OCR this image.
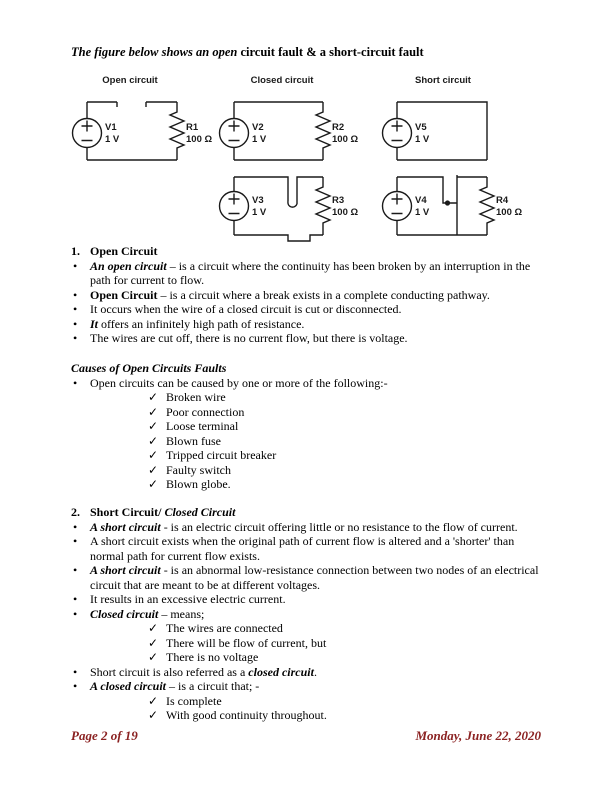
The figure below shows an open circuit fault & a short-circuit fault
Open circuit	Closed circuit	Short circuit
V1
1 V
R1
100 Ω
V2
1 V
R2
100 Ω
V5
1 V
V3
1 V
R3
100 Ω
V4
1 V
R4
100 Ω
1. Open Circuit
• An open circuit – is a circuit where the continuity has been broken by an interruption in the path for current to flow.
• Open Circuit – is a circuit where a break exists in a complete conducting pathway.
• It occurs when the wire of a closed circuit is cut or disconnected.
• It offers an infinitely high path of resistance.
• The wires are cut off, there is no current flow, but there is voltage.
Causes of Open Circuits Faults
• Open circuits can be caused by one or more of the following:-
✓ Broken wire
✓ Poor connection
✓ Loose terminal
✓ Blown fuse
✓ Tripped circuit breaker
✓ Faulty switch
✓ Blown globe.
2. Short Circuit/ Closed Circuit
• A short circuit - is an electric circuit offering little or no resistance to the flow of current.
• A short circuit exists when the original path of current flow is altered and a 'shorter' than normal path for current flow exists.
• A short circuit - is an abnormal low-resistance connection between two nodes of an electrical circuit that are meant to be at different voltages.
• It results in an excessive electric current.
• Closed circuit – means;
✓ The wires are connected
✓ There will be flow of current, but
✓ There is no voltage
• Short circuit is also referred as a closed circuit.
• A closed circuit – is a circuit that; -
✓ Is complete
✓ With good continuity throughout.
Page 2 of 19	Monday, June 22, 2020
